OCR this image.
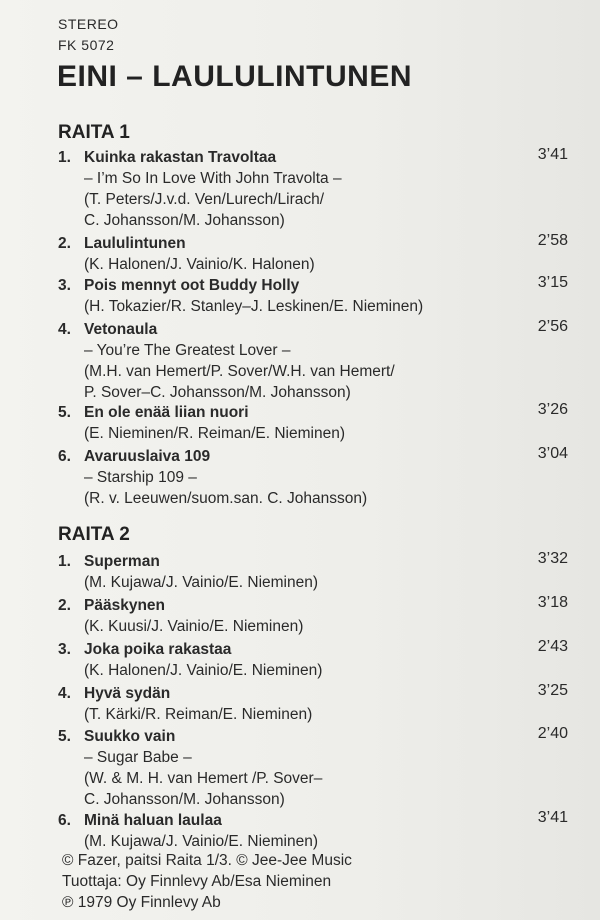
STEREO
FK 5072
EINI – LAULULINTUNEN
RAITA 1
1. Kuinka rakastan Travoltaa	3’41
– I’m So In Love With John Travolta –
(T. Peters/J.v.d. Ven/Lurech/Lirach/
C. Johansson/M. Johansson)
2. Laululintunen	2’58
(K. Halonen/J. Vainio/K. Halonen)
3. Pois mennyt oot Buddy Holly	3’15
(H. Tokazier/R. Stanley–J. Leskinen/E. Nieminen)
4. Vetonaula	2’56
– You’re The Greatest Lover –
(M.H. van Hemert/P. Sover/W.H. van Hemert/
P. Sover–C. Johansson/M. Johansson)
5. En ole enää liian nuori	3’26
(E. Nieminen/R. Reiman/E. Nieminen)
6. Avaruuslaiva 109	3’04
– Starship 109 –
(R. v. Leeuwen/suom.san. C. Johansson)
RAITA 2
1. Superman	3’32
(M. Kujawa/J. Vainio/E. Nieminen)
2. Pääskynen	3’18
(K. Kuusi/J. Vainio/E. Nieminen)
3. Joka poika rakastaa	2’43
(K. Halonen/J. Vainio/E. Nieminen)
4. Hyvä sydän	3’25
(T. Kärki/R. Reiman/E. Nieminen)
5. Suukko vain	2’40
– Sugar Babe –
(W. & M. H. van Hemert /P. Sover–
C. Johansson/M. Johansson)
6. Minä haluan laulaa	3’41
(M. Kujawa/J. Vainio/E. Nieminen)
© Fazer, paitsi Raita 1/3. © Jee-Jee Music
Tuottaja: Oy Finnlevy Ab/Esa Nieminen
℗ 1979 Oy Finnlevy Ab
